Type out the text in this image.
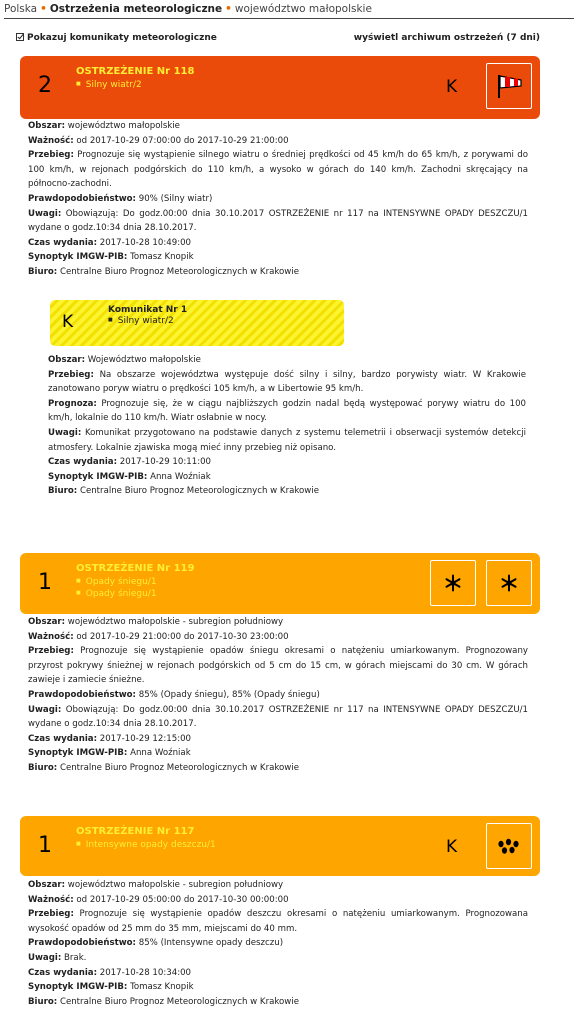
Polska • Ostrzeżenia meteorologiczne • województwo małopolskie
Pokazuj komunikaty meteorologiczne	wyświetl archiwum ostrzeżeń (7 dni)
2
OSTRZEŻENIE Nr 118
■ Silny wiatr/2	K
Obszar: województwo małopolskie
Ważność: od 2017-10-29 07:00:00 do 2017-10-29 21:00:00
Przebieg: Prognozuje się wystąpienie silnego wiatru o średniej prędkości od 45 km/h do 65 km/h, z porywami do 100 km/h, w rejonach podgórskich do 110 km/h, a wysoko w górach do 140 km/h. Zachodni skręcający na północno-zachodni.
Prawdopodobieństwo: 90% (Silny wiatr)
Uwagi: Obowiązują: Do godz.00:00 dnia 30.10.2017 OSTRZEŻENIE nr 117 na INTENSYWNE OPADY DESZCZU/1 wydane o godz.10:34 dnia 28.10.2017.
Czas wydania: 2017-10-28 10:49:00
Synoptyk IMGW-PIB: Tomasz Knopik
Biuro: Centralne Biuro Prognoz Meteorologicznych w Krakowie
K
Komunikat Nr 1
■ Silny wiatr/2
Obszar: Województwo małopolskie
Przebieg: Na obszarze województwa występuje dość silny i silny, bardzo porywisty wiatr. W Krakowie zanotowano poryw wiatru o prędkości 105 km/h, a w Libertowie 95 km/h.
Prognoza: Prognozuje się, że w ciągu najbliższych godzin nadal będą występować porywy wiatru do 100 km/h, lokalnie do 110 km/h. Wiatr osłabnie w nocy.
Uwagi: Komunikat przygotowano na podstawie danych z systemu telemetrii i obserwacji systemów detekcji atmosfery. Lokalnie zjawiska mogą mieć inny przebieg niż opisano.
Czas wydania: 2017-10-29 10:11:00
Synoptyk IMGW-PIB: Anna Woźniak
Biuro: Centralne Biuro Prognoz Meteorologicznych w Krakowie
1
OSTRZEŻENIE Nr 119
■ Opady śniegu/1
■ Opady śniegu/1
Obszar: województwo małopolskie - subregion południowy
Ważność: od 2017-10-29 21:00:00 do 2017-10-30 23:00:00
Przebieg: Prognozuje się wystąpienie opadów śniegu okresami o natężeniu umiarkowanym. Prognozowany przyrost pokrywy śnieżnej w rejonach podgórskich od 5 cm do 15 cm, w górach miejscami do 30 cm. W górach zawieje i zamiecie śnieżne.
Prawdopodobieństwo: 85% (Opady śniegu), 85% (Opady śniegu)
Uwagi: Obowiązują: Do godz.00:00 dnia 30.10.2017 OSTRZEŻENIE nr 117 na INTENSYWNE OPADY DESZCZU/1 wydane o godz.10:34 dnia 28.10.2017.
Czas wydania: 2017-10-29 12:15:00
Synoptyk IMGW-PIB: Anna Woźniak
Biuro: Centralne Biuro Prognoz Meteorologicznych w Krakowie
1
OSTRZEŻENIE Nr 117
■ Intensywne opady deszczu/1	K
Obszar: województwo małopolskie - subregion południowy
Ważność: od 2017-10-29 05:00:00 do 2017-10-30 00:00:00
Przebieg: Prognozuje się wystąpienie opadów deszczu okresami o natężeniu umiarkowanym. Prognozowana wysokość opadów od 25 mm do 35 mm, miejscami do 40 mm.
Prawdopodobieństwo: 85% (Intensywne opady deszczu)
Uwagi: Brak.
Czas wydania: 2017-10-28 10:34:00
Synoptyk IMGW-PIB: Tomasz Knopik
Biuro: Centralne Biuro Prognoz Meteorologicznych w Krakowie
